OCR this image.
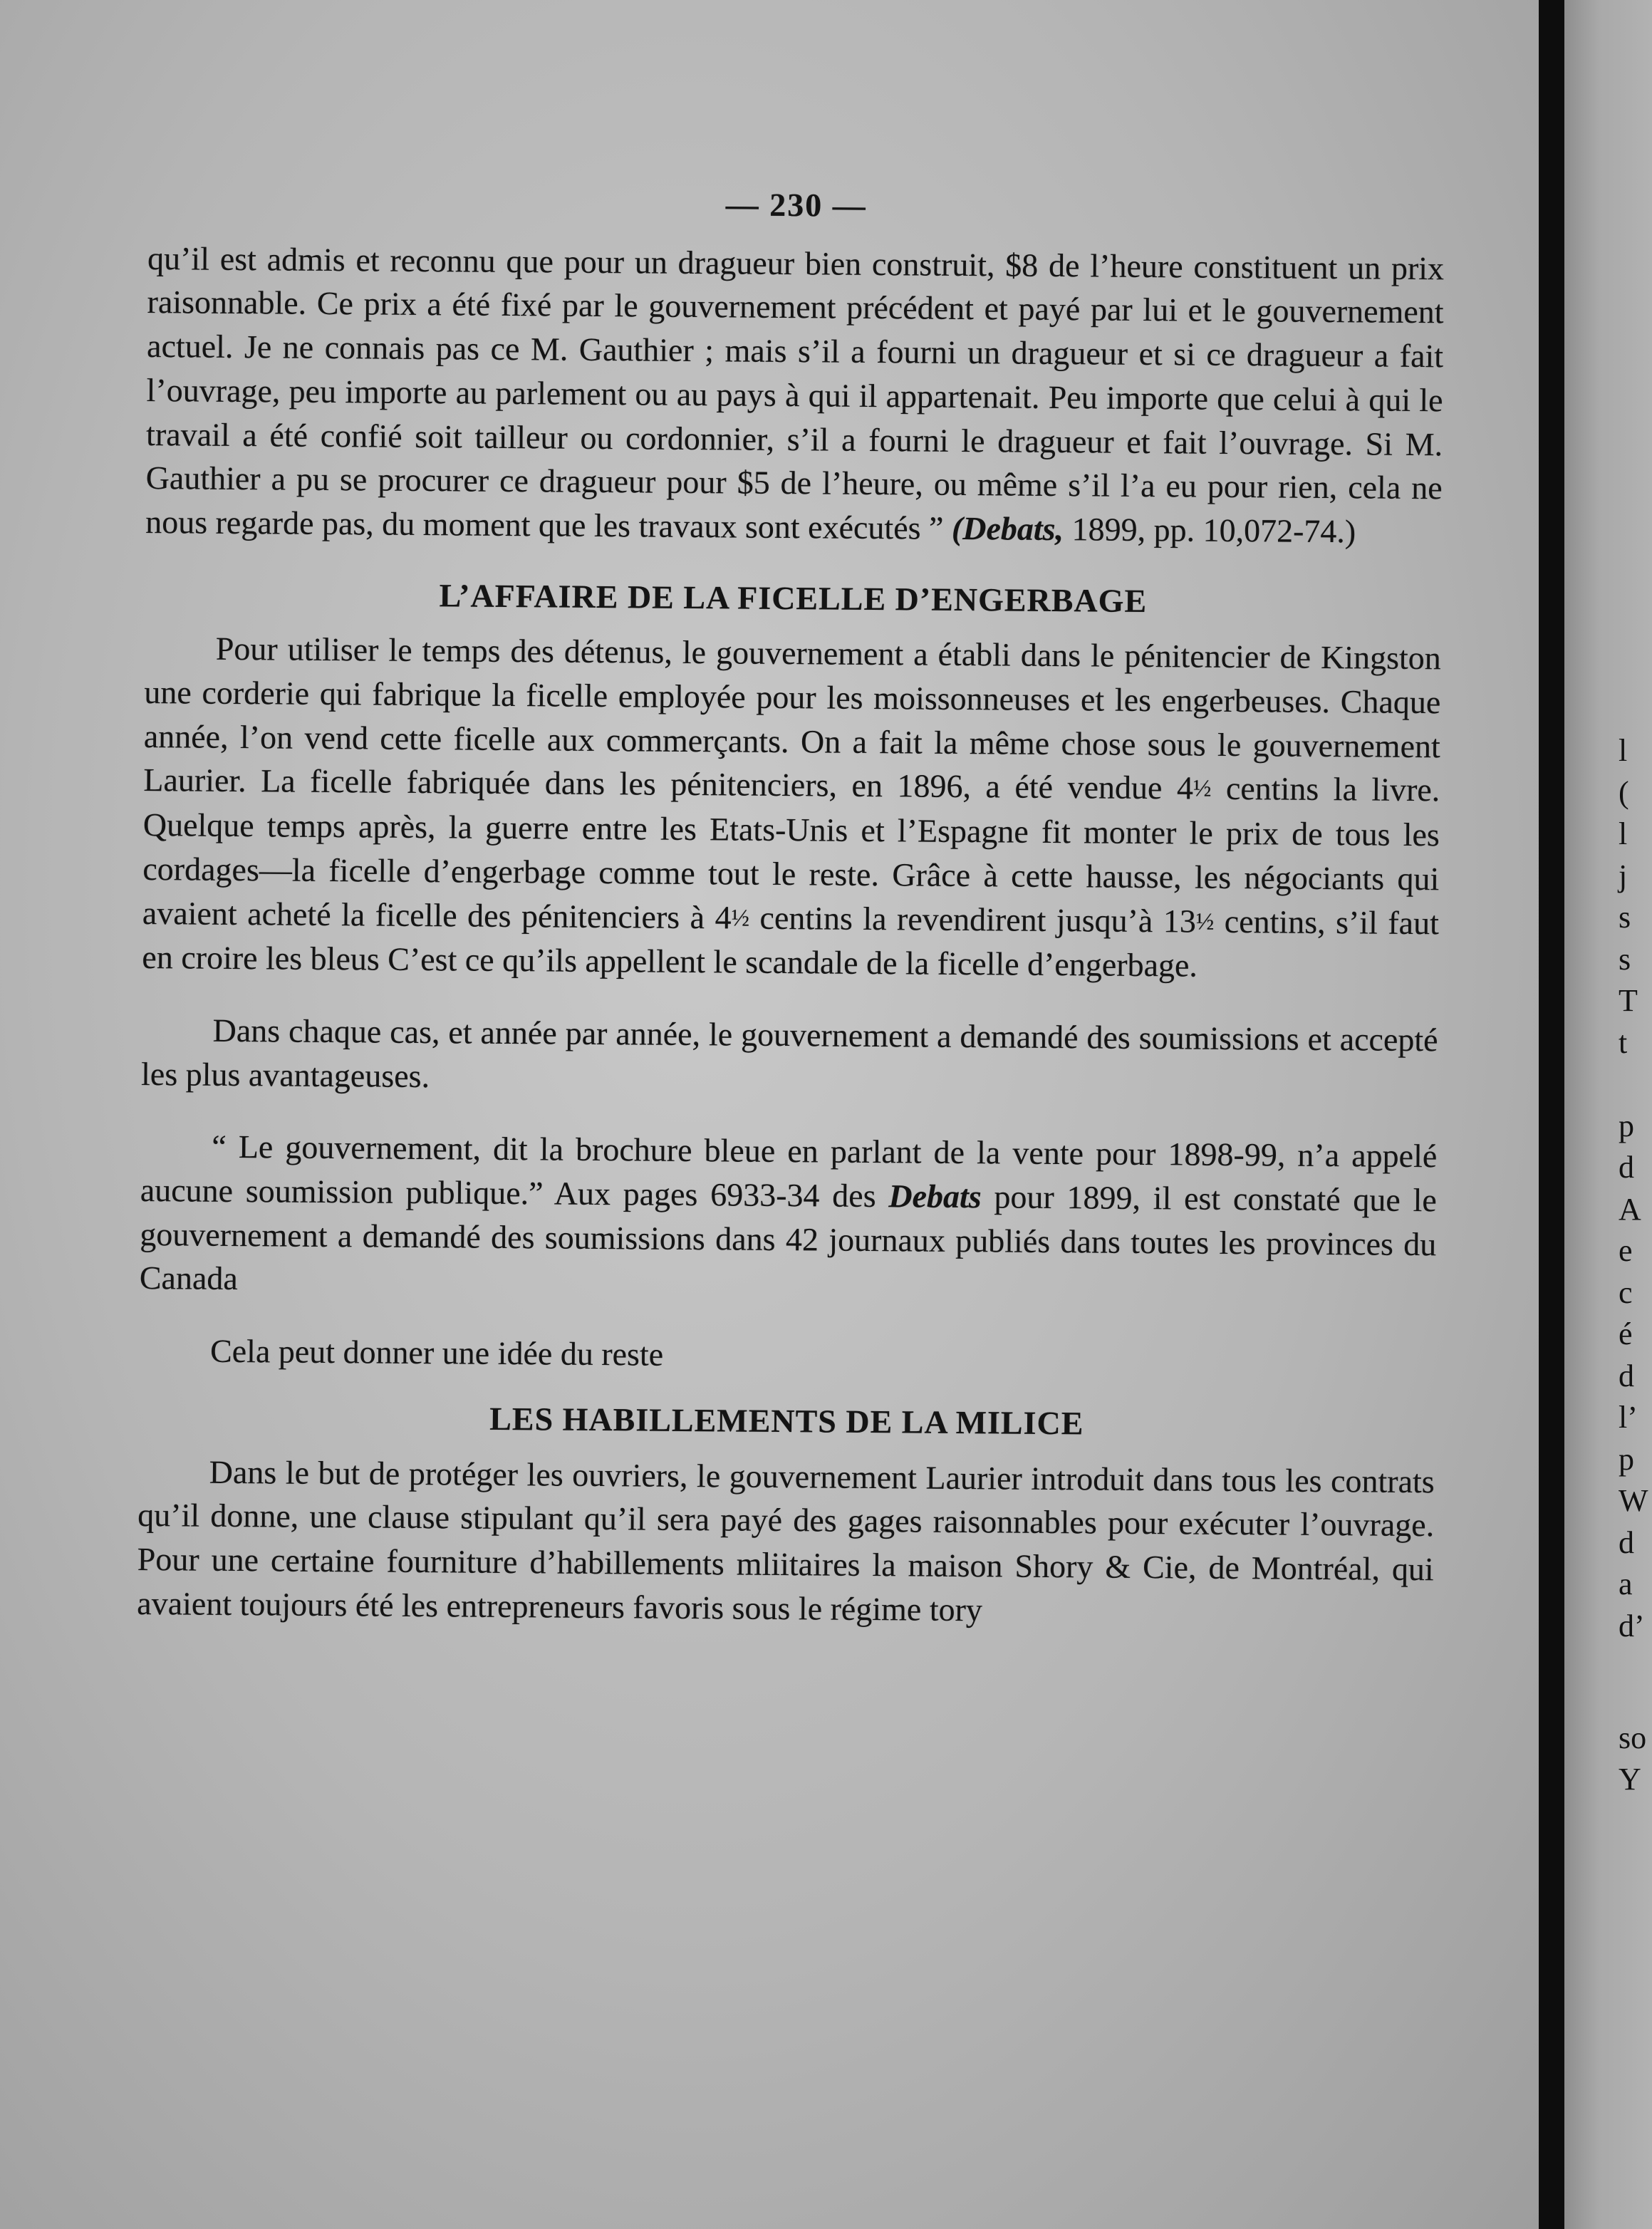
— 230 —

qu’il est admis et reconnu que pour un dragueur bien construit, $8 de l’heure constituent un prix raisonnable. Ce prix a été fixé par le gouvernement précédent et payé par lui et le gouvernement actuel. Je ne connais pas ce M. Gauthier ; mais s’il a fourni un dragueur et si ce dragueur a fait l’ouvrage, peu importe au parlement ou au pays à qui il appartenait. Peu importe que celui à qui le travail a été confié soit tailleur ou cordonnier, s’il a fourni le dragueur et fait l’ouvrage. Si M. Gauthier a pu se procurer ce dragueur pour $5 de l’heure, ou même s’il l’a eu pour rien, cela ne nous regarde pas, du moment que les travaux sont exécutés ” (Debats, 1899, pp. 10,072-74.)

L’AFFAIRE DE LA FICELLE D’ENGERBAGE

Pour utiliser le temps des détenus, le gouvernement a établi dans le pénitencier de Kingston une corderie qui fabrique la ficelle employée pour les moissonneuses et les engerbeuses. Chaque année, l’on vend cette ficelle aux commerçants. On a fait la même chose sous le gouvernement Laurier. La ficelle fabriquée dans les pénitenciers, en 1896, a été vendue 4½ centins la livre. Quelque temps après, la guerre entre les Etats-Unis et l’Espagne fit monter le prix de tous les cordages—la ficelle d’engerbage comme tout le reste. Grâce à cette hausse, les négociants qui avaient acheté la ficelle des pénitenciers à 4½ centins la revendirent jusqu’à 13½ centins, s’il faut en croire les bleus C’est ce qu’ils appellent le scandale de la ficelle d’engerbage.

Dans chaque cas, et année par année, le gouvernement a demandé des soumissions et accepté les plus avantageuses.

“ Le gouvernement, dit la brochure bleue en parlant de la vente pour 1898-99, n’a appelé aucune soumission publique.” Aux pages 6933-34 des Debats pour 1899, il est constaté que le gouvernement a demandé des soumissions dans 42 journaux publiés dans toutes les provinces du Canada

Cela peut donner une idée du reste

LES HABILLEMENTS DE LA MILICE

Dans le but de protéger les ouvriers, le gouvernement Laurier introduit dans tous les contrats qu’il donne, une clause stipulant qu’il sera payé des gages raisonnables pour exécuter l’ouvrage. Pour une certaine fourniture d’habillements mliitaires la maison Shory & Cie, de Montréal, qui avaient toujours été les entrepreneurs favoris sous le régime tory

l
(
l
j
s
s
T
t
p
d
A
e
c
é
d
l’
p
W
d
a
d’
so
Y
